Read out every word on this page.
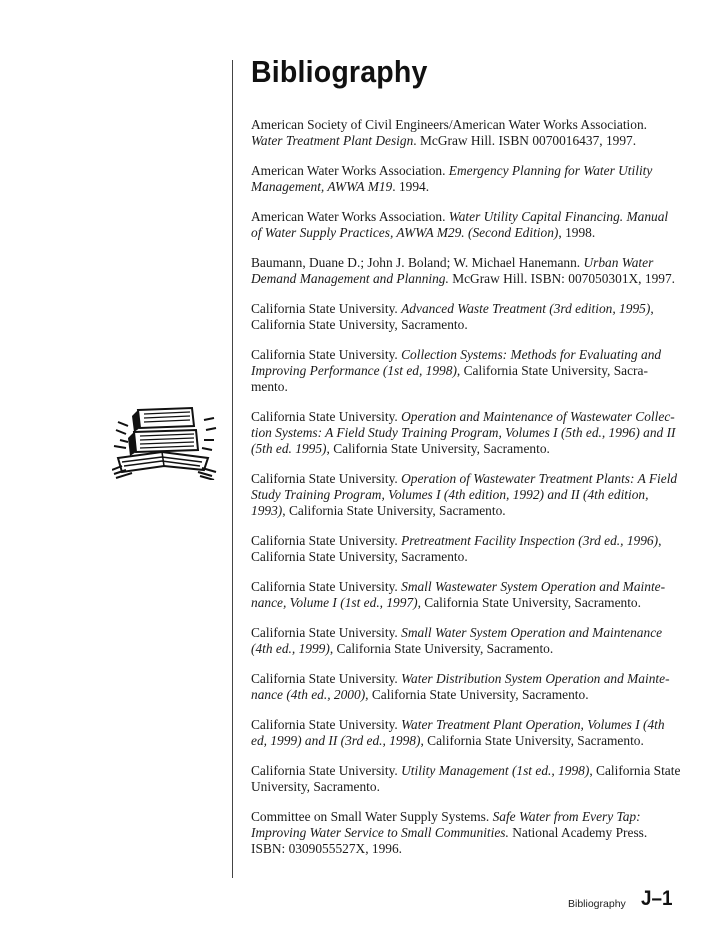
Bibliography

American Society of Civil Engineers/American Water Works Association. Water Treatment Plant Design. McGraw Hill. ISBN 0070016437, 1997.

American Water Works Association. Emergency Planning for Water Utility Management, AWWA M19. 1994.

American Water Works Association. Water Utility Capital Financing. Manual of Water Supply Practices, AWWA M29. (Second Edition), 1998.

Baumann, Duane D.; John J. Boland; W. Michael Hanemann. Urban Water Demand Management and Planning. McGraw Hill. ISBN: 007050301X, 1997.

California State University. Advanced Waste Treatment (3rd edition, 1995), California State University, Sacramento.

California State University. Collection Systems: Methods for Evaluating and Improving Performance (1st ed, 1998), California State University, Sacra-mento.

California State University. Operation and Maintenance of Wastewater Collec-tion Systems: A Field Study Training Program, Volumes I (5th ed., 1996) and II (5th ed. 1995), California State University, Sacramento.

California State University. Operation of Wastewater Treatment Plants: A Field Study Training Program, Volumes I (4th edition, 1992) and II (4th edition, 1993), California State University, Sacramento.

California State University. Pretreatment Facility Inspection (3rd ed., 1996), California State University, Sacramento.

California State University. Small Wastewater System Operation and Mainte-nance, Volume I (1st ed., 1997), California State University, Sacramento.

California State University. Small Water System Operation and Maintenance (4th ed., 1999), California State University, Sacramento.

California State University. Water Distribution System Operation and Mainte-nance (4th ed., 2000), California State University, Sacramento.

California State University. Water Treatment Plant Operation, Volumes I (4th ed, 1999) and II (3rd ed., 1998), California State University, Sacramento.

California State University. Utility Management (1st ed., 1998), California State University, Sacramento.

Committee on Small Water Supply Systems. Safe Water from Every Tap: Improving Water Service to Small Communities. National Academy Press. ISBN: 0309055527X, 1996.

Bibliography J–1
